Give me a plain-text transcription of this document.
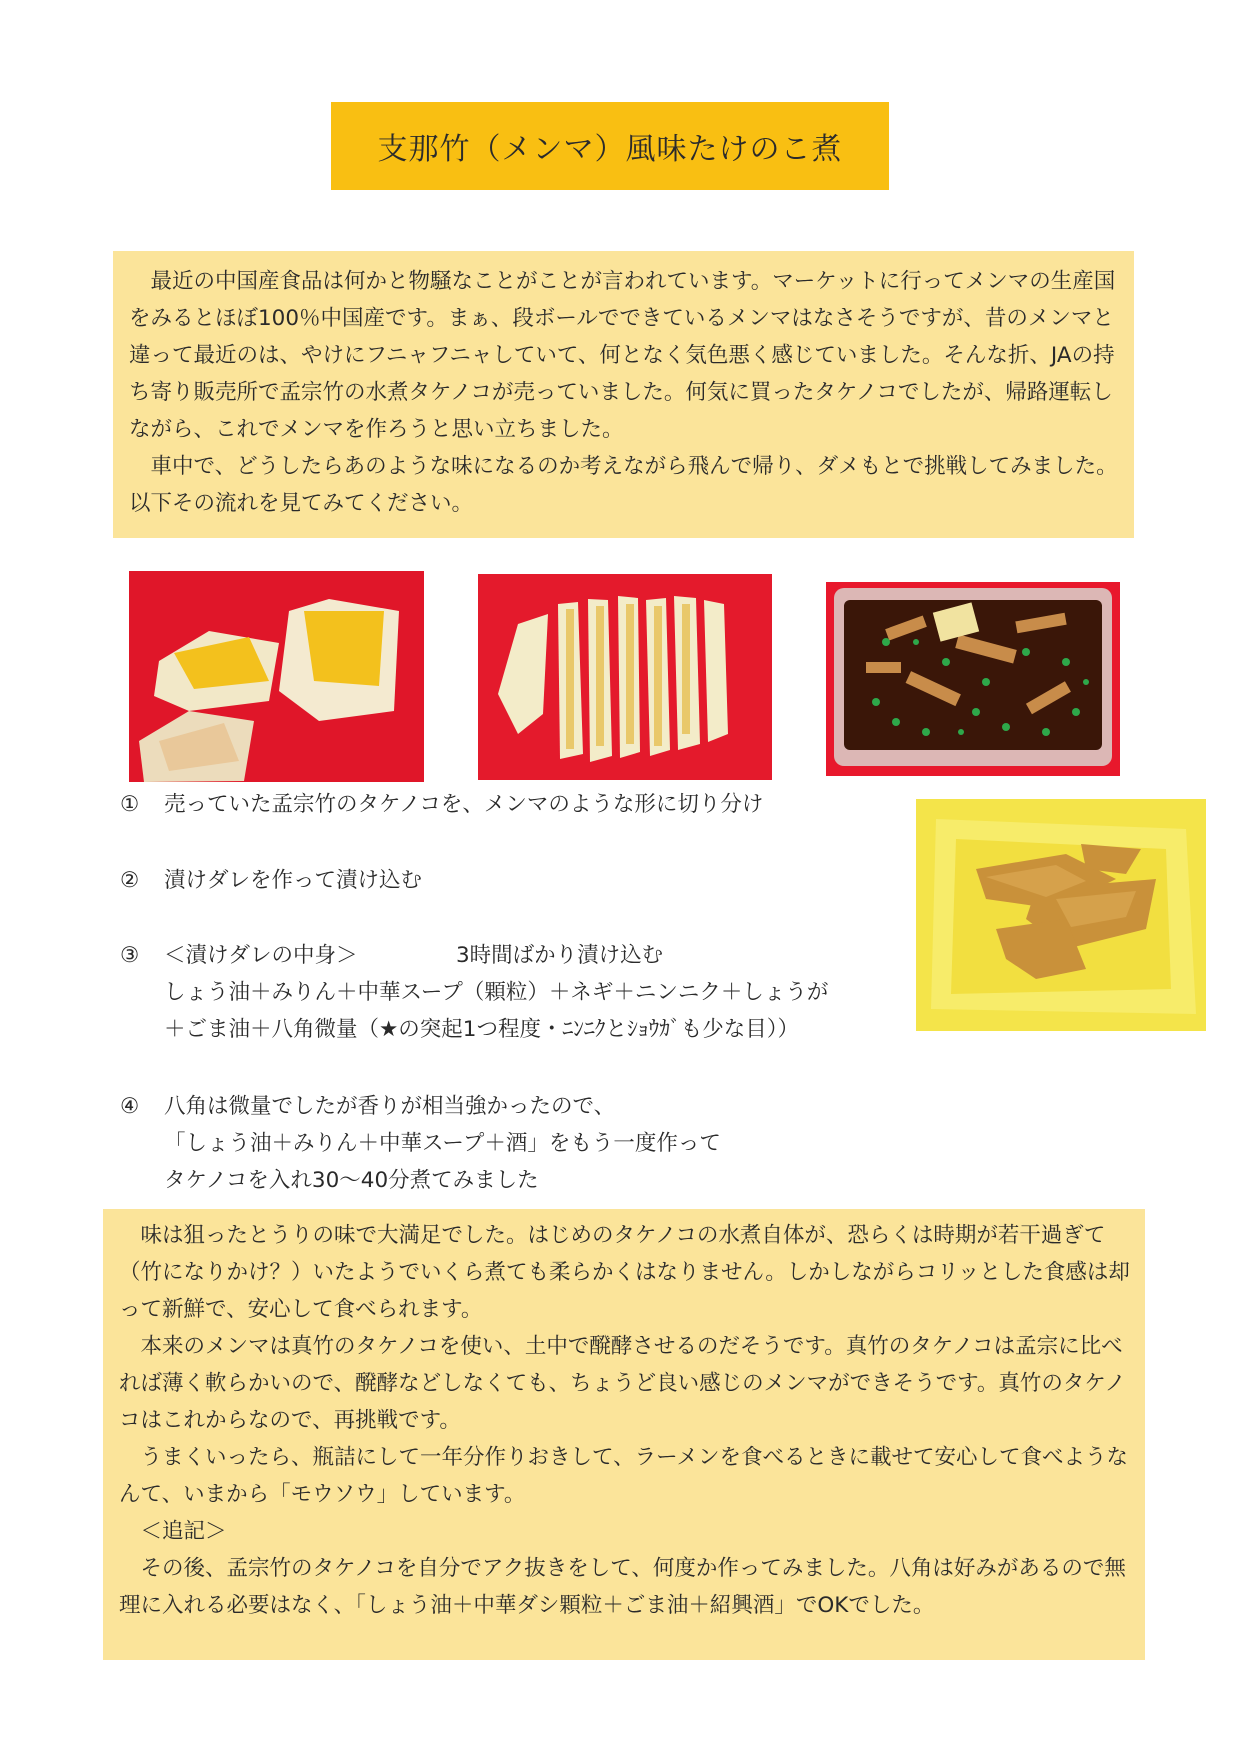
支那竹（メンマ）風味たけのこ煮

　最近の中国産食品は何かと物騒なことがことが言われています。マーケットに行ってメンマの生産国をみるとほぼ100％中国産です。まぁ、段ボールでできているメンマはなさそうですが、昔のメンマと違って最近のは、やけにフニャフニャしていて、何となく気色悪く感じていました。そんな折、JAの持ち寄り販売所で孟宗竹の水煮タケノコが売っていました。何気に買ったタケノコでしたが、帰路運転しながら、これでメンマを作ろうと思い立ちました。

　車中で、どうしたらあのような味になるのか考えながら飛んで帰り、ダメもとで挑戦してみました。以下その流れを見てみてください。

①	売っていた孟宗竹のタケノコを、メンマのような形に切り分け
②	漬けダレを作って漬け込む
③	＜漬けダレの中身＞	3時間ばかり漬け込む
しょう油＋みりん＋中華スープ（顆粒）＋ネギ＋ニンニク＋しょうが
＋ごま油＋八角微量（★の突起1つ程度・ﾆﾝﾆｸとｼｮｳｶﾞも少な目））
④	八角は微量でしたが香りが相当強かったので、
「しょう油＋みりん＋中華スープ＋酒」をもう一度作って
タケノコを入れ30～40分煮てみました

　味は狙ったとうりの味で大満足でした。はじめのタケノコの水煮自体が、恐らくは時期が若干過ぎて（竹になりかけ？）いたようでいくら煮ても柔らかくはなりません。しかしながらコリッとした食感は却って新鮮で、安心して食べられます。

　本来のメンマは真竹のタケノコを使い、土中で醗酵させるのだそうです。真竹のタケノコは孟宗に比べれば薄く軟らかいので、醗酵などしなくても、ちょうど良い感じのメンマができそうです。真竹のタケノコはこれからなので、再挑戦です。

　うまくいったら、瓶詰にして一年分作りおきして、ラーメンを食べるときに載せて安心して食べようなんて、いまから「モウソウ」しています。

　＜追記＞

　その後、孟宗竹のタケノコを自分でアク抜きをして、何度か作ってみました。八角は好みがあるので無理に入れる必要はなく、「しょう油＋中華ダシ顆粒＋ごま油＋紹興酒」でOKでした。
